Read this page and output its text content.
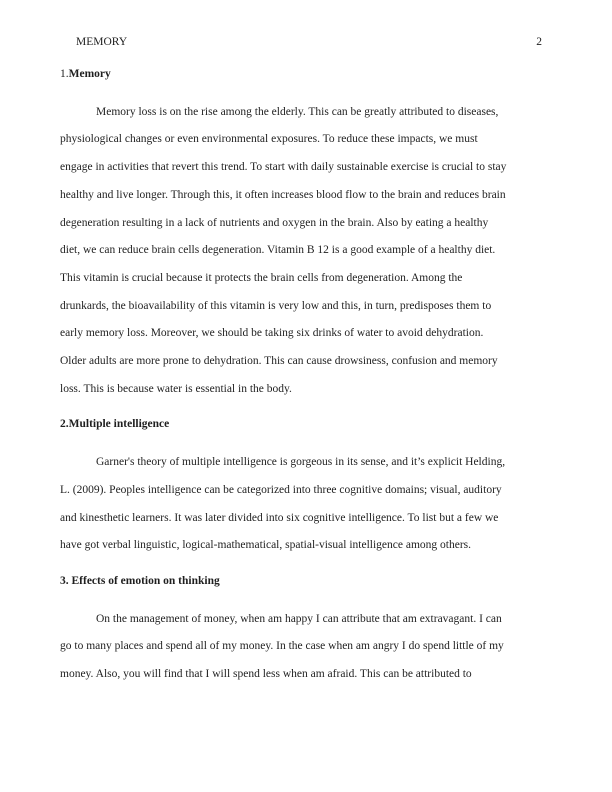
MEMORY	2
1.Memory

Memory loss is on the rise among the elderly. This can be greatly attributed to diseases,
physiological changes or even environmental exposures. To reduce these impacts, we must
engage in activities that revert this trend. To start with daily sustainable exercise is crucial to stay
healthy and live longer. Through this, it often increases blood flow to the brain and reduces brain
degeneration resulting in a lack of nutrients and oxygen in the brain. Also by eating a healthy
diet, we can reduce brain cells degeneration. Vitamin B 12 is a good example of a healthy diet.
This vitamin is crucial because it protects the brain cells from degeneration. Among the
drunkards, the bioavailability of this vitamin is very low and this, in turn, predisposes them to
early memory loss. Moreover, we should be taking six drinks of water to avoid dehydration.
Older adults are more prone to dehydration. This can cause drowsiness, confusion and memory
loss. This is because water is essential in the body.

2.Multiple intelligence

Garner's theory of multiple intelligence is gorgeous in its sense, and it’s explicit Helding,
L. (2009). Peoples intelligence can be categorized into three cognitive domains; visual, auditory
and kinesthetic learners. It was later divided into six cognitive intelligence. To list but a few we
have got verbal linguistic, logical-mathematical, spatial-visual intelligence among others.

3. Effects of emotion on thinking

On the management of money, when am happy I can attribute that am extravagant. I can
go to many places and spend all of my money. In the case when am angry I do spend little of my
money. Also, you will find that I will spend less when am afraid. This can be attributed to
